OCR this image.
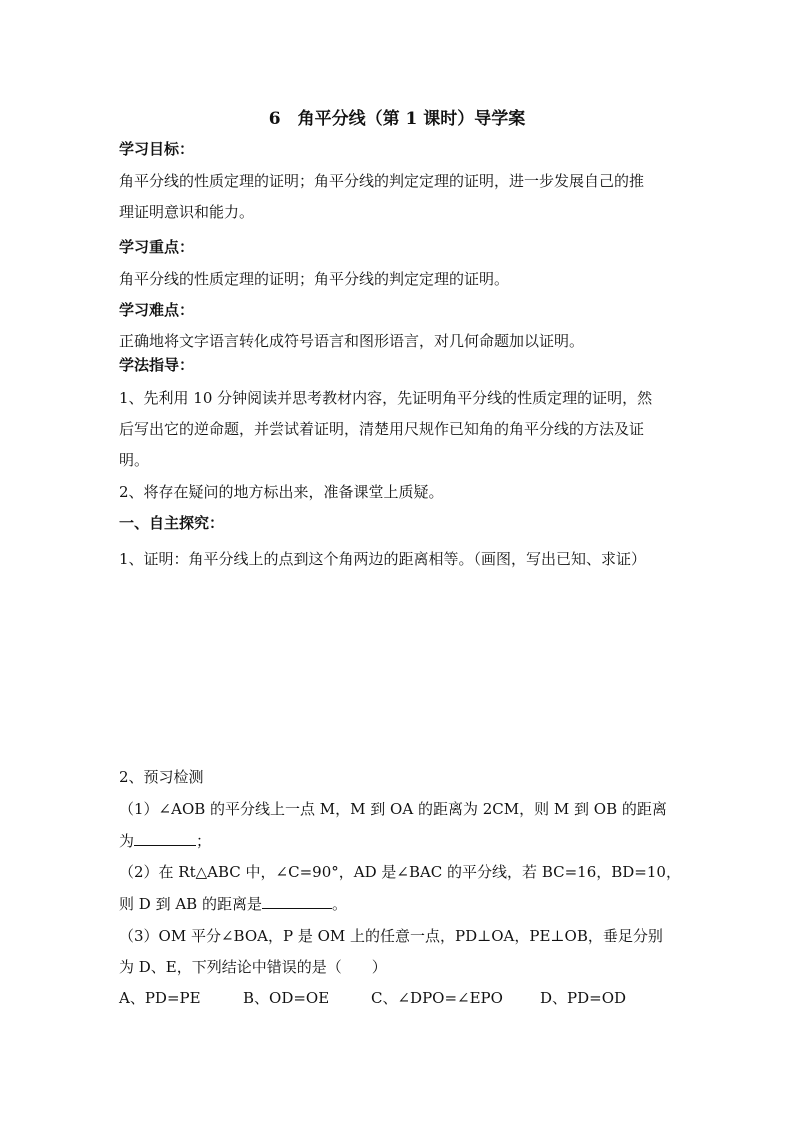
6　角平分线（第 1 课时）导学案
学习目标：
角平分线的性质定理的证明；角平分线的判定定理的证明，进一步发展自己的推
理证明意识和能力。
学习重点：
角平分线的性质定理的证明；角平分线的判定定理的证明。
学习难点：
正确地将文字语言转化成符号语言和图形语言，对几何命题加以证明。
学法指导：
1、先利用 10 分钟阅读并思考教材内容，先证明角平分线的性质定理的证明，然
后写出它的逆命题，并尝试着证明，清楚用尺规作已知角的角平分线的方法及证
明。
2、将存在疑问的地方标出来，准备课堂上质疑。
一、自主探究：
1、证明：角平分线上的点到这个角两边的距离相等。（画图，写出已知、求证）
2、预习检测
（1）∠AOB 的平分线上一点 M，M 到 OA 的距离为 2CM，则 M 到 OB 的距离
为	；
（2）在 Rt△ABC 中，∠C=90°，AD 是∠BAC 的平分线，若 BC=16，BD=10，
则 D 到 AB 的距离是	。
（3）OM 平分∠BOA，P 是 OM 上的任意一点，PD⊥OA，PE⊥OB，垂足分别
为 D、E，下列结论中错误的是（　　）
A、PD=PE	B、OD=OE	C、∠DPO=∠EPO D、PD=OD
